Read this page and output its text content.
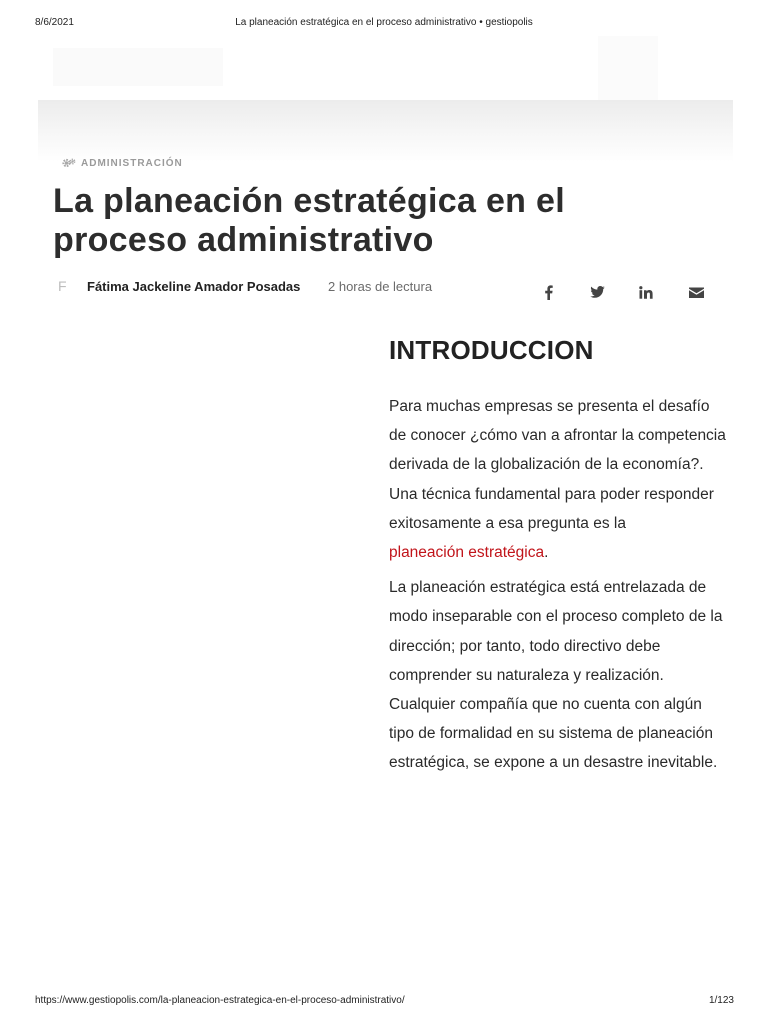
8/6/2021	La planeación estratégica en el proceso administrativo • gestiopolis
ADMINISTRACIÓN
La planeación estratégica en el proceso administrativo
F Fátima Jackeline Amador Posadas 2 horas de lectura
INTRODUCCION

Para muchas empresas se presenta el desafío de conocer ¿cómo van a afrontar la competencia derivada de la globalización de la economía?. Una técnica fundamental para poder responder exitosamente a esa pregunta es la
planeación estratégica.

La planeación estratégica está entrelazada de modo inseparable con el proceso completo de la dirección; por tanto, todo directivo debe comprender su naturaleza y realización. Cualquier compañía que no cuenta con algún tipo de formalidad en su sistema de planeación estratégica, se expone a un desastre inevitable.

https://www.gestiopolis.com/la-planeacion-estrategica-en-el-proceso-administrativo/	1/123
